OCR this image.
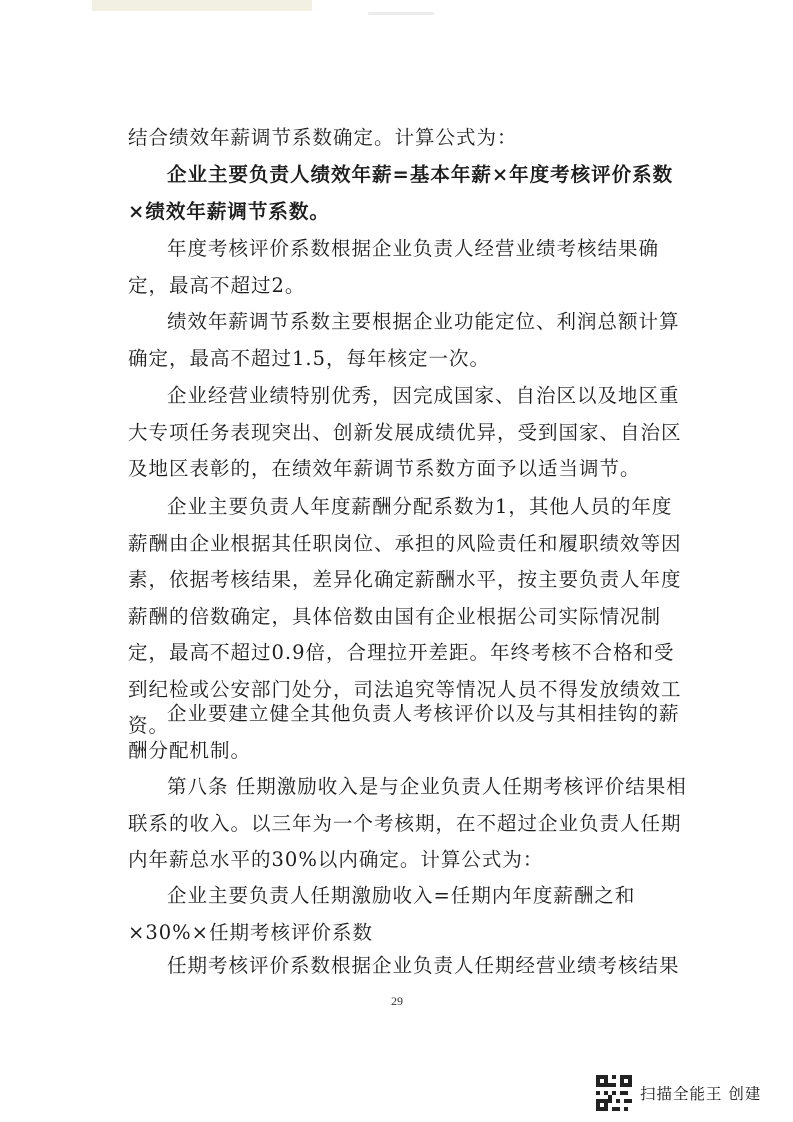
结合绩效年薪调节系数确定。计算公式为：

企业主要负责人绩效年薪=基本年薪×年度考核评价系数×绩效年薪调节系数。

年度考核评价系数根据企业负责人经营业绩考核结果确定，最高不超过2。

绩效年薪调节系数主要根据企业功能定位、利润总额计算确定，最高不超过1.5，每年核定一次。

企业经营业绩特别优秀，因完成国家、自治区以及地区重大专项任务表现突出、创新发展成绩优异，受到国家、自治区及地区表彰的，在绩效年薪调节系数方面予以适当调节。

企业主要负责人年度薪酬分配系数为1，其他人员的年度薪酬由企业根据其任职岗位、承担的风险责任和履职绩效等因素，依据考核结果，差异化确定薪酬水平，按主要负责人年度薪酬的倍数确定，具体倍数由国有企业根据公司实际情况制定，最高不超过0.9倍，合理拉开差距。年终考核不合格和受到纪检或公安部门处分，司法追究等情况人员不得发放绩效工资。

企业要建立健全其他负责人考核评价以及与其相挂钩的薪酬分配机制。

第八条 任期激励收入是与企业负责人任期考核评价结果相联系的收入。以三年为一个考核期，在不超过企业负责人任期内年薪总水平的30%以内确定。计算公式为：

企业主要负责人任期激励收入=任期内年度薪酬之和×30%×任期考核评价系数

任期考核评价系数根据企业负责人任期经营业绩考核结果

29
扫描全能王 创建
